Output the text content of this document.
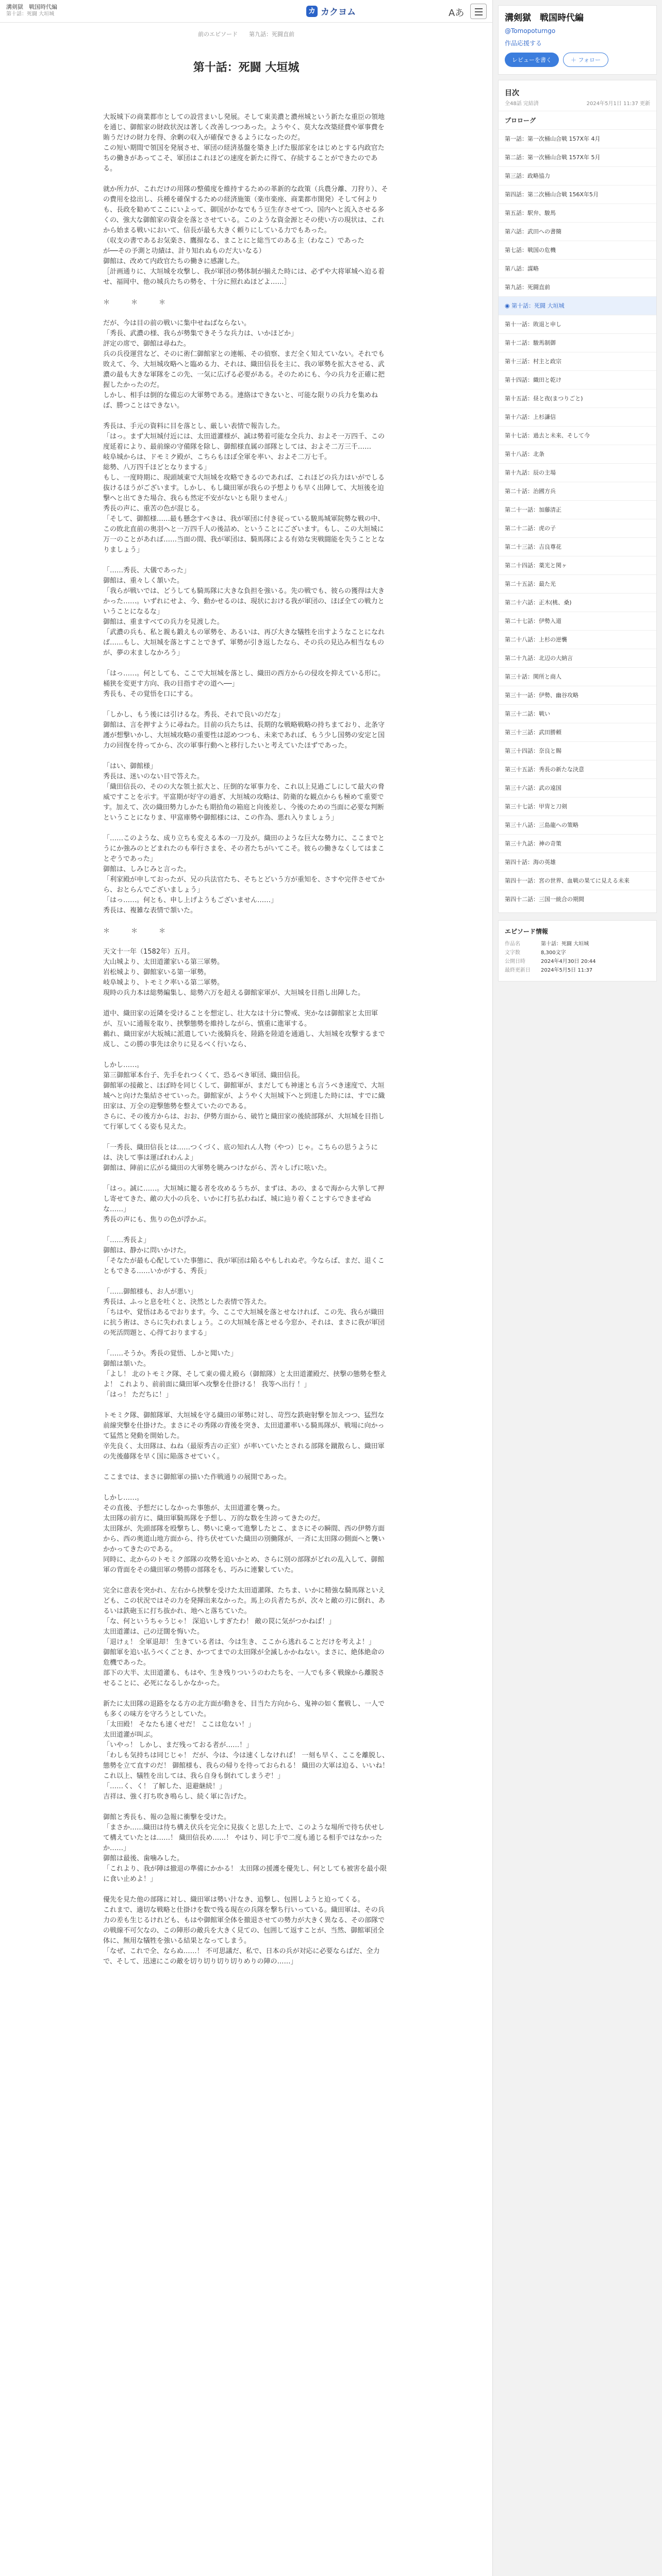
溝剣獄　戦国時代編
第十話：死闘 大垣城	カ カクヨム	Aあ
前のエピソード 第九話：死闘直前
第十話：死闘 大垣城

大坂城下の商業都市としての設営まいし発展。そして東美濃と濃州城という新たな重臣の領地を通じ、御館家の財政状況は著しく改善しつつあった。ようやく、莫大な改築経費や軍事費を賄うだけの財力を得、余剰の収入が確保できるようになったのだ。
この短い期間で領国を発展させ、軍団の経済基盤を築き上げた服部家をはじめとする内政官たちの働きがあってこそ、軍団はこれほどの速度を新たに得て、存続することができたのである。

就か所力が、これだけの用隊の整備度を維持するための革新的な政策（兵農分離、刀狩り）、その費用を捻出し、兵種を確保するための経済施策（楽市楽座、商業都市開発）そして何よりも、長政を勧めてここにいよって、御国がかなでもう豆生存させてつ、国内へと流入させる多くの、強大な御館家の資金を落とさせている。このような資金源とその使い方の現状は、これから始まる戦いにおいて、信長が最も大きく頼りにしている力でもあった。
（収支の書であるお気楽さ、鷹揚なる、まことにと総当てのある主（わなこ）であった
が──その予測と功績は、計り知れぬものだ大いなる）
御館は、改めて内政官たちの働きに感謝した。
［計画通りに、大垣城を攻撃し、我が軍団の勢体制が揃えた時には、必ずや大将軍城へ迫る着せ、福岡中、他の城兵たちの勢を、十分に照れぬほどよ……］

＊　＊　＊

だが、今は目の前の戦いに集中せねばならない。
「秀長、武濃の様、我らが勢集できそうな兵力は、いかほどか」
評定の席で、御館は尋ねた。
兵の兵役運営など、そのに術仁御館家との連帳、その偵察、まだ全く知えていない。それでも敗えて、今、大垣城攻略へと臨める力、それは、織田信長を主に、我の軍勢を拡大させる、武濃の最も大きな軍隊をこの先、一気に広げる必要がある。そのためにも、今の兵力を正確に把握したかったのだ。
しかし、相手は倒的な備忘の大軍勢である。連絡はできないと、可能な限りの兵力を集めねば、勝つことはできない。

秀長は、手元の資料に目を落とし、厳しい表情で報告した。
「はっ。まず大垣城付近には、太田道灌様が、誠は勢着可能な全兵力、およそ一万四千、この度延着により、最前線の守備隊を除し、御館様直属の部隊としては、およそ二万三千……
岐阜城からは、ドモミク殿が、こちらもほぼ全軍を率い、およそ二万七千。
総勢、八万四千ほどとなりまする」
もし、一度時期に、現頭域東で大垣城を攻略できるのであれば、これほどの兵力はいがでしる抜けるほうがございます。しかし、もし織田軍が我らの予想よりも早く出陣して、大垣後を迫撃へと出てきた場合、我らも然定不安がないとも限りません」
秀長の声に、重苦の色が混じる。
「そして、御館様……最も懸念すべきは、我が軍団に付き従っている駿馬城軍院勢な戦の中、この敗北直前の奥羽へと一万四千人の後詰め、ということにございます。もし、この大垣城に万一のことがあれば……当面の間、我が軍団は、騎馬隊による有効な実戦闘能を失うこととなりましょう」

「……秀長、大儀であった」
御館は、重々しく頷いた。
「我らが戦いでは、どうしても騎馬隊に大きな負担を強いる。先の戦でも、彼らの獲得は大きかった……。いずれにせよ、今、動かせるのは、現状における我が軍団の、ほぼ全ての戦力ということになるな」
御館は、重ますべての兵力を見渡した。
「武濃の兵も、私と親も鍛えもの軍勢を、あるいは、再び大きな犠牲を出すようなことになれば……もし、大垣城を落とすことできず、軍勢が引き返したなら、その兵の見込み相当なものが、夢の末ましなかろう」

「はっ……。何としても、ここで大垣城を落とし、織田の西方からの侵攻を抑えている形に。桶狭を変更す方向、我の目指すぞの道へ──」
秀長も、その覚悟を口にする。

「しかし、もう後には引けるな。秀長、それで良いのだな」
御館は、言を押すように尋ねた。目前の兵たちは、長期的な戦略戦略の持ちまており、北条守護が想撃いかし、大垣城攻略の重要性は認めつつも、未来であれば、もう少し国勢の安定と国力の回復を待ってから、次の軍事行動へと移行したいと考えていたほずであった。

「はい、御館様」
秀長は、迷いのない目で答えた。
「織田信長の、そのの大な領土拡大と、圧倒的な軍事力を、これ以上見過ごしにして最大の脅威ですことを示す。平富期が好守の過ぎ、大垣城の攻略は、防衛的な観点からも極めて重要です。加えて、次の織田勢力しかたも期拾角の箱庭と向後差し、今後のための当面に必要な判断ということになりま、甲富庫勢や御館様には、この作為、悪れ入りましょう」

「……このような、成り立ちも変える本の一刀及が。織田のような巨大な勢力に、ここまでとうにか強みのとどまれたのも奉行さまを、その者たちがいてこそ。彼らの働きなくしてはまことぞうであった」
御館は、しみじみと言った。
「利家殿が申しておったが、兄の兵法官たち、そちとどいう方が重知を、さすや完伴させてから、おとらんでございましょう」
「はっ……。何とも、申し上げようもございません……」
秀長は、複雑な表情で頷いた。

＊　＊　＊

天文十一年（1582年）五月。
大山城より、太田道灌家いる第三軍勢。
岩松城より、御館家いる第一軍勢。
岐阜城より、トモミク率いる第二軍勢。
現時の兵力本は総勢編集し、総勢六万を超える御館家軍が、大垣城を目指し出陣した。

道中、織田家の近隣を受けることを想定し、壮大なは十分に警戒、実かなは御館家と太田軍が、互いに通報を取り、挟撃態勢を維持しながら、慎重に進軍する。
鵜れ、織田家が大坂城に派遣していた後騎兵を、陸路を陸道を通過し、大垣城を攻撃するまで成し、この勝の事先は余りに見るべく行いなら、

しかし……。
第三御館軍本台子、先手をれつくくて、恐るべき軍団、織田信長。
御館軍の接敵と、ほぼ時を同じくして、御館軍が、まだしても神速とも言うべき速度で、大垣城へと向けた集結させていった。御館家が、ようやく大垣城下へと到達した時には、すでに織田家は、万全の迎撃態勢を整えていたのである。
さらに、その後方からは、おお、伊勢方面から、破竹と織田家の後続部隊が、大垣城を目指して行軍してくる姿も見えた。

「一秀長、織田信長とは……つくづく、底の知れん人物（やつ）じゃ。こちらの思うようには、決して事は運ばれわんよ」
御館は、陣前に広がる織田の大軍勢を眺みつけながら、苦々しげに呟いた。

「はっ。誠に……。大垣城に籠る者を攻めるうちが、まずは、あの、まるで海から大挙して押し寄せてきた、敵の大小の兵を、いかに打ち払わねば、城に辿り着くことすらできまぜぬな……」
秀長の声にも、焦りの色が浮かぶ。

「……秀長よ」
御館は、静かに問いかけた。
「そなたが最も心配していた事態に、我が軍団は陥るやもしれぬぞ。今ならば、まだ、退くこともできる……いかがする、秀長」

「……御館様も、お人が悪い」
秀長は、ふっと息を吐くと、決然とした表情で答えた。
「ちはや、覚悟はあるでおります。今、ここで大垣城を落とせなければ、この先、我らが織田に抗う術は、さらに失われましょう。この大垣城を落とせる今窓か、それは、まさに我が軍団の死活問題と、心得ておりまする」

「……そうか。秀長の覚悟、しかと聞いた」
御館は頷いた。
「よし！ 北のトモミク隊、そして東の備え殿ら（御館隊）と太田道灌殿だ、挟撃の態勢を整えよ！ これより、前前面に織田軍へ攻撃を仕掛ける！ 我等へ出行 ！」
「はっ！ ただちに！」

トモミク隊、御館隊軍、大垣城を守る織田の軍勢に対し、苛烈な鉄砲射撃を加えつつ、猛烈な前線突撃を仕掛けた。まさにその秀隊の背後を突き、太田道灌率いる騎馬隊が、戦場に向かって猛然と発動を開始した。
辛先良く、太田隊は、ねね（最原秀吉の正室）が率いていたとされる部隊を蹴散らし、織田軍の先後藤隊を早く国に陥落させていく。

ここまでは、まさに御館軍の描いた作戦通りの展開であった。

しかし……。
その直後、予想だにしなかった事態が、太田道灌を襲った。
太田隊の前方に、織田軍騎馬隊を予想し、万的な数を生誇ってきたのだ。
太田隊が、先頭部隊を殴撃ちし、勢いに乗って進撃したとこ、まさにその瞬間、西の伊勢方面から、西の奥道山地方面から、待ち伏せていた織田の別働隊が、一斉に太田隊の側面へと襲いかかってきたのである。
同時に、北からのトモミク部隊の攻勢を追いかとめ、さらに別の部隊がどれの乱入して、御館軍の背面をその織田軍の勢勝の部隊をも、巧みに連繋していた。

完全に意表を突かれ、左右から挟撃を受けた太田道灌隊、たちま、いかに精強な騎馬隊といえども、この状況ではその力を発揮出来なかった。馬上の兵者たちが、次々と敵の刃に倒れ、あるいは鉄砲玉に打ち抜かれ、地へと落ちていた。
「な、何というちゃうじゃ！ 深追いしすぎたわ！ 敵の罠に気がつかねば！」
太田道灌は、己の迂闊を悔いた。
「退けぇ！ 全軍退却！ 生きている者は、今は生き、ここから逃れることだけを考えよ！」
御館軍を追い払うべくごとき、かつてまでの太田隊が全滅しかかねない。まさに、絶体絶命の危機であった。
部下の大半、太田道灌も、もはや、生き残りついうのわたちを、一人でも多く戦線から離脱させることに、必死になるしかなかった。

新たに太田隊の退路をなる方の北方面が動きを、目当た方向から、鬼神の如く奮戦し、一人でも多くの味方を守ろうとしていた。
「太田殿！ そなたも速くせだ！ ここは危ない！」
太田道灌が叫ぶ。
「いやっ！ しかし、まだ残っておる者が……！」
「わしも気持ちは同じじゃ！ だが、今は、今は速くしなければ！ 一刻も早く、ここを離脱し、態勢を立て直すのだ！ 御館様も、我らの帰りを待っておられる！ 織田の大軍は迫る、いいね！ これ以上、犠牲を出しては、我ら自身も倒れてしまうぞ！」
「……く、く！ 了解した、退避継続！」
吉祥は、強く打ち吹き鳴らし、続く軍に告げた。

御館と秀長も、報の急報に衝撃を受けた。
「まさか……織田は待ち構え伏兵を完全に見抜くと思した上で、このような場所で待ち伏せして構えていたとは……！ 織田信長め……！ やはり、同じ手で二度も通じる相手ではなかったか……」
御館は最後、歯噛みした。
「これより、我が陣は撤退の準備にかかる！ 太田隊の援護を優先し、何としても被害を最小限に食い止めよ！」

優先を見た他の部隊に対し、織田軍は勢い汁なき、追撃し、包囲しようと迫ってくる。
これまで、適切な戦略と仕掛けを数で残る現在の兵隊を撃ち行いっている。織田軍は、その兵力の差も生じるけれども、もはや御館軍全体を撤退させての勢力が大きく異なる、その部隊での戦線不可欠なの、この陣形の敵兵を大きく見ての、包囲して返すことが、当然、御館軍団全体に、無用な犠牲を強いる結果となってしまう。
「なぜ、これで全、ならぬ……！ 不可思議だ、私で、日本の兵が対応に必要ならばだ、全力で、そして、迅速にこの敵を切り切り切り切りめりの陣の……」

溝剣獄　戦国時代編
@Tomopoturngo
作品応援する
レビューを書く	＋ フォロー
目次
全48話 完結済	2024年5月1日 11:37 更新
プロローグ
第一話：第一次桶山合戦 157X年 4月
第二話：第一次桶山合戦 157X年 5月
第三話：政略協力
第四話：第二次桶山合戦 156X年5月
第五話：駅弁、駿馬
第六話：武田への書簡
第七話：戦国の危機
第八話：謀略
第九話：死闘直前
◉ 第十話：死闘 大垣城
第十一話：敗退と申し
第十二話：駿馬制御
第十三話：村主と政宗
第十四話：織田と乾け
第十五話：昼と夜(まつりごと)
第十六話：上杉謙信
第十七話：過去と未来、そして今
第十八話：北条
第十九話：辰の主場
第二十話：治國方兵
第二十一話：加藤清正
第二十二話：虎の子
第二十三話：吉良尊花
第二十四話：薬光と関ヶ
第二十五話：最た光
第二十六話：正木(桃、桑)
第二十七話：伊勢入道
第二十八話：上杉の逆襲
第二十九話：北辺の大納言
第三十話：関所と商人
第三十一話：伊勢、幽谷攻略
第三十二話：戦い
第三十三話：武田勝頼
第三十四話：奈良と賜
第三十五話：秀長の新たな決意
第三十六話：武の遠国
第三十七話：甲冑と刀剣
第三十八話：三島龍への策略
第三十九話：神の奇策
第四十話：海の英雄
第四十一話：宮の世界、血戦の果てに見える未来
第四十二話：三国一統合の期間
エピソード情報
作品名	第十話：死闘 大垣城
文字数	8,300文字
公開日時	2024年4月30日 20:44
最終更新日	2024年5月5日 11:37
